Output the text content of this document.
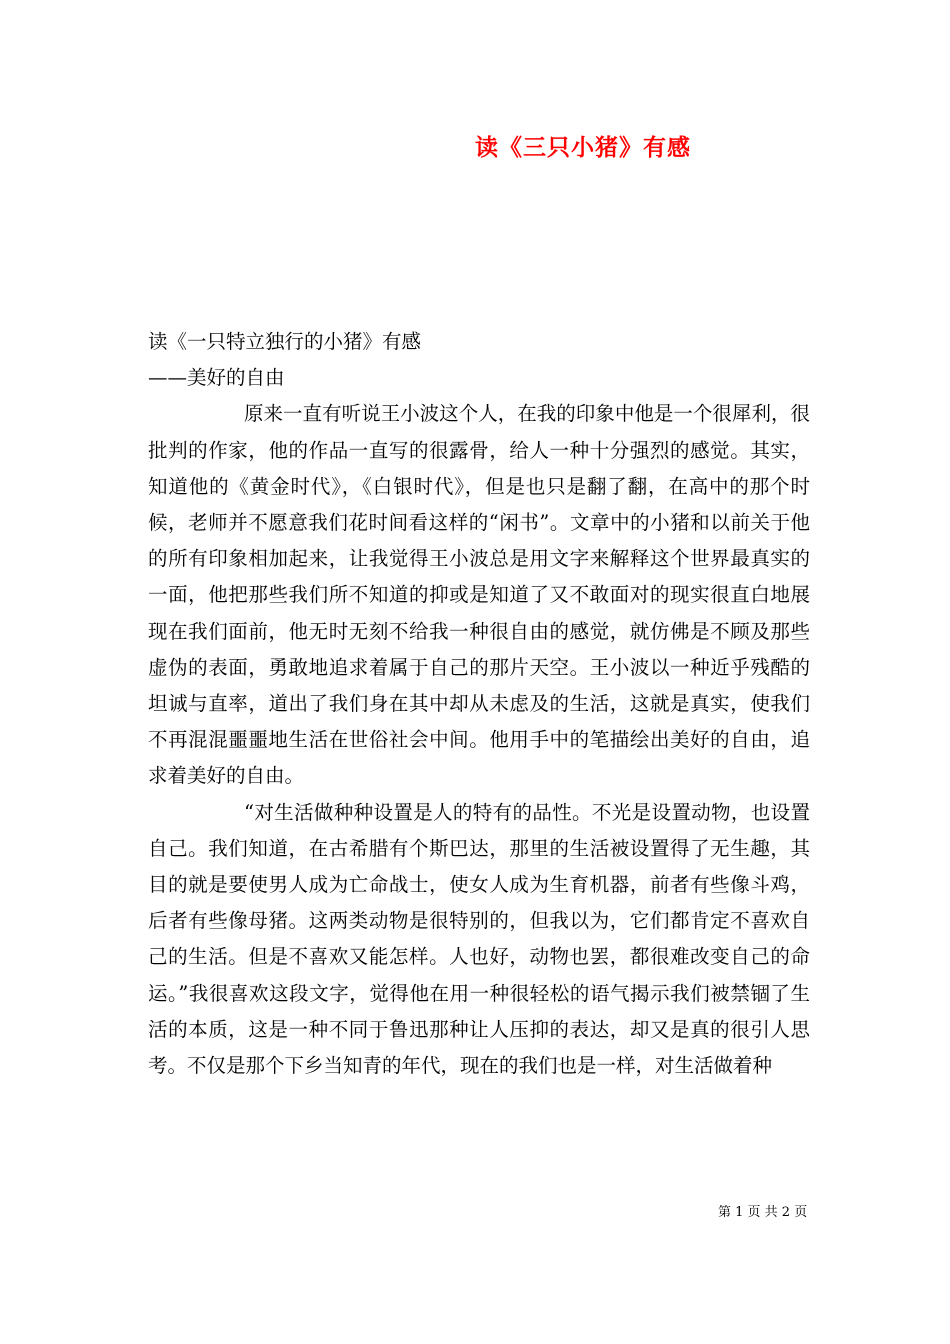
读《三只小猪》有感

读《一只特立独行的小猪》有感

——美好的自由

原来一直有听说王小波这个人，在我的印象中他是一个很犀利，很批判的作家，他的作品一直写的很露骨，给人一种十分强烈的感觉。其实，知道他的《黄金时代》，《白银时代》，但是也只是翻了翻，在高中的那个时候，老师并不愿意我们花时间看这样的“闲书”。文章中的小猪和以前关于他的所有印象相加起来，让我觉得王小波总是用文字来解释这个世界最真实的一面，他把那些我们所不知道的抑或是知道了又不敢面对的现实很直白地展现在我们面前，他无时无刻不给我一种很自由的感觉，就仿佛是不顾及那些虚伪的表面，勇敢地追求着属于自己的那片天空。王小波以一种近乎残酷的坦诚与直率，道出了我们身在其中却从未虑及的生活，这就是真实，使我们不再混混噩噩地生活在世俗社会中间。他用手中的笔描绘出美好的自由，追求着美好的自由。

“对生活做种种设置是人的特有的品性。不光是设置动物，也设置自己。我们知道，在古希腊有个斯巴达，那里的生活被设置得了无生趣，其目的就是要使男人成为亡命战士，使女人成为生育机器，前者有些像斗鸡，后者有些像母猪。这两类动物是很特别的，但我以为，它们都肯定不喜欢自己的生活。但是不喜欢又能怎样。人也好，动物也罢，都很难改变自己的命运。”我很喜欢这段文字，觉得他在用一种很轻松的语气揭示我们被禁锢了生活的本质，这是一种不同于鲁迅那种让人压抑的表达，却又是真的很引人思考。不仅是那个下乡当知青的年代，现在的我们也是一样，对生活做着种

第 1 页 共 2 页
